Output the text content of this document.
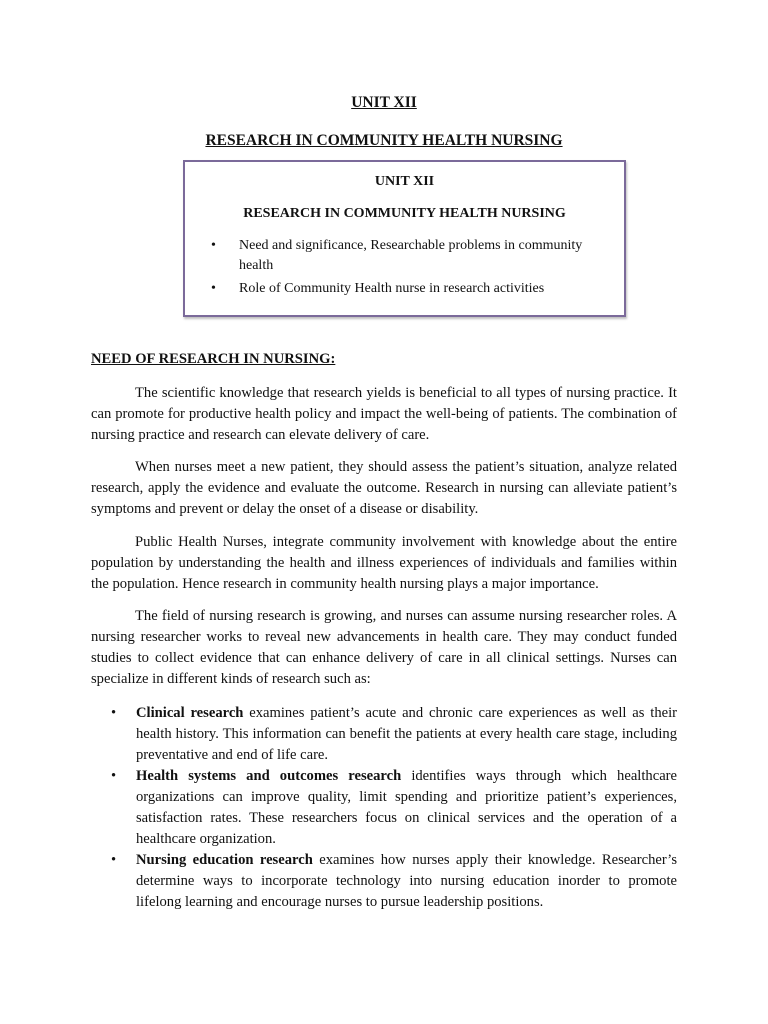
UNIT XII
RESEARCH IN COMMUNITY HEALTH NURSING
UNIT XII
RESEARCH IN COMMUNITY HEALTH NURSING
• Need and significance, Researchable problems in community health
• Role of Community Health nurse in research activities
NEED OF RESEARCH IN NURSING:

The scientific knowledge that research yields is beneficial to all types of nursing practice. It can promote for productive health policy and impact the well-being of patients. The combination of nursing practice and research can elevate delivery of care.

When nurses meet a new patient, they should assess the patient’s situation, analyze related research, apply the evidence and evaluate the outcome. Research in nursing can alleviate patient’s symptoms and prevent or delay the onset of a disease or disability.

Public Health Nurses, integrate community involvement with knowledge about the entire population by understanding the health and illness experiences of individuals and families within the population. Hence research in community health nursing plays a major importance.

The field of nursing research is growing, and nurses can assume nursing researcher roles. A nursing researcher works to reveal new advancements in health care. They may conduct funded studies to collect evidence that can enhance delivery of care in all clinical settings. Nurses can specialize in different kinds of research such as:

• Clinical research examines patient’s acute and chronic care experiences as well as their health history. This information can benefit the patients at every health care stage, including preventative and end of life care.
• Health systems and outcomes research identifies ways through which healthcare organizations can improve quality, limit spending and prioritize patient’s experiences, satisfaction rates. These researchers focus on clinical services and the operation of a healthcare organization.
• Nursing education research examines how nurses apply their knowledge. Researcher’s determine ways to incorporate technology into nursing education inorder to promote lifelong learning and encourage nurses to pursue leadership positions.
